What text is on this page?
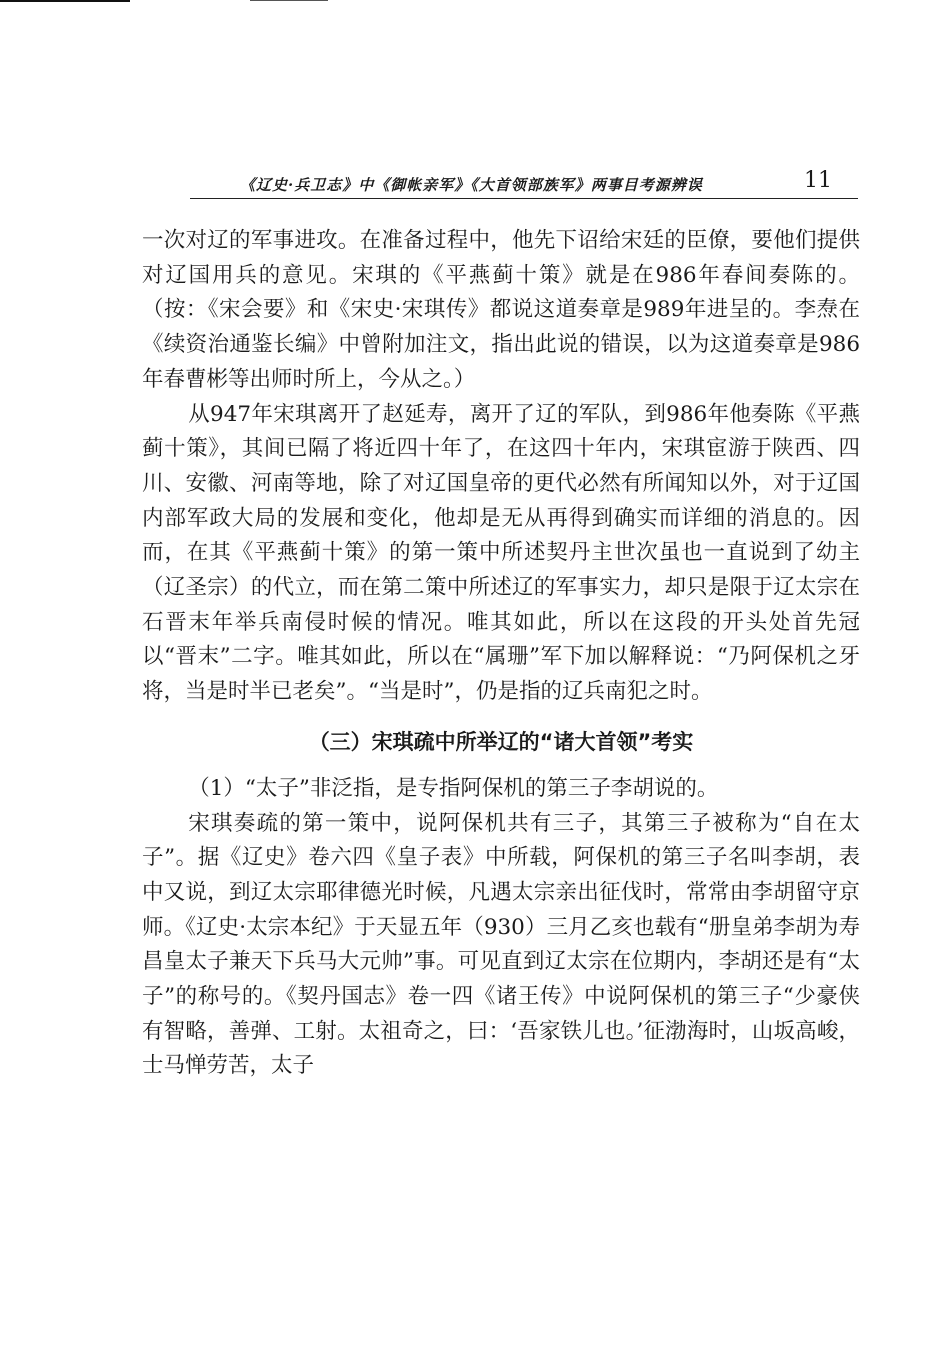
《辽史·兵卫志》中《御帐亲军》《大首领部族军》两事目考源辨误	11

一次对辽的军事进攻。在准备过程中，他先下诏给宋廷的臣僚，要他们提供对辽国用兵的意见。宋琪的《平燕蓟十策》就是在986年春间奏陈的。（按：《宋会要》和《宋史·宋琪传》都说这道奏章是989年进呈的。李焘在《续资治通鉴长编》中曾附加注文，指出此说的错误，以为这道奏章是986年春曹彬等出师时所上，今从之。）

从947年宋琪离开了赵延寿，离开了辽的军队，到986年他奏陈《平燕蓟十策》，其间已隔了将近四十年了，在这四十年内，宋琪宦游于陕西、四川、安徽、河南等地，除了对辽国皇帝的更代必然有所闻知以外，对于辽国内部军政大局的发展和变化，他却是无从再得到确实而详细的消息的。因而，在其《平燕蓟十策》的第一策中所述契丹主世次虽也一直说到了幼主（辽圣宗）的代立，而在第二策中所述辽的军事实力，却只是限于辽太宗在石晋末年举兵南侵时候的情况。唯其如此，所以在这段的开头处首先冠以“晋末”二字。唯其如此，所以在“属珊”军下加以解释说：“乃阿保机之牙将，当是时半已老矣”。“当是时”，仍是指的辽兵南犯之时。

（三）宋琪疏中所举辽的“诸大首领”考实

（1）“太子”非泛指，是专指阿保机的第三子李胡说的。

宋琪奏疏的第一策中，说阿保机共有三子，其第三子被称为“自在太子”。据《辽史》卷六四《皇子表》中所载，阿保机的第三子名叫李胡，表中又说，到辽太宗耶律德光时候，凡遇太宗亲出征伐时，常常由李胡留守京师。《辽史·太宗本纪》于天显五年（930）三月乙亥也载有“册皇弟李胡为寿昌皇太子兼天下兵马大元帅”事。可见直到辽太宗在位期内，李胡还是有“太子”的称号的。《契丹国志》卷一四《诸王传》中说阿保机的第三子“少豪侠有智略，善弹、工射。太祖奇之，曰：‘吾家铁儿也。’征渤海时，山坂高峻，士马惮劳苦，太子
